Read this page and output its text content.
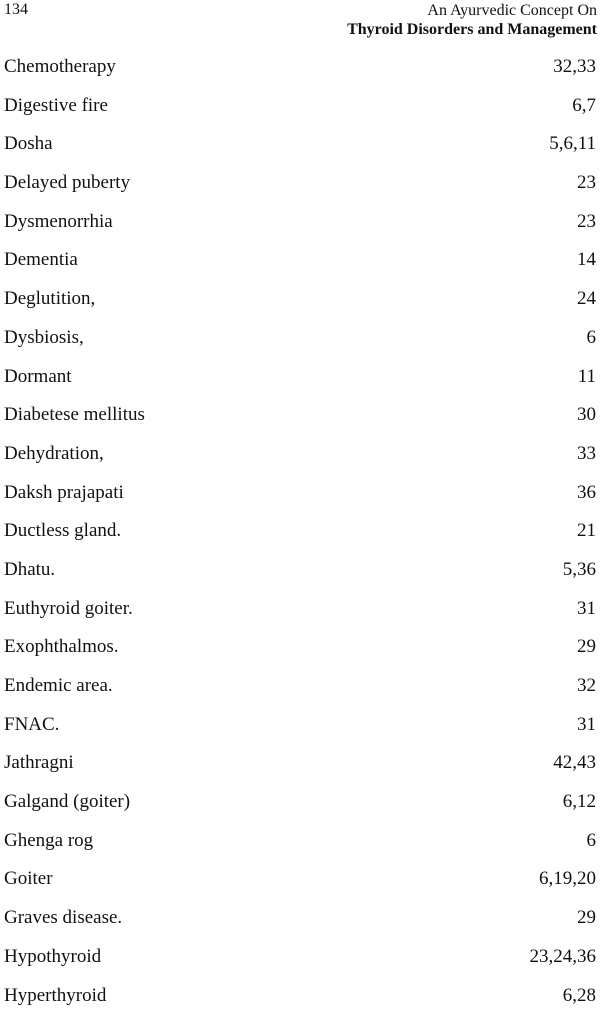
134	An Ayurvedic Concept On
Thyroid Disorders and Management
Chemotherapy	32,33
Digestive fire	6,7
Dosha	5,6,11
Delayed puberty	23
Dysmenorrhia	23
Dementia	14
Deglutition,	24
Dysbiosis,	6
Dormant	11
Diabetese mellitus	30
Dehydration,	33
Daksh prajapati	36
Ductless gland.	21
Dhatu.	5,36
Euthyroid goiter.	31
Exophthalmos.	29
Endemic area.	32
FNAC.	31
Jathragni	42,43
Galgand (goiter)	6,12
Ghenga rog	6
Goiter	6,19,20
Graves disease.	29
Hypothyroid	23,24,36
Hyperthyroid	6,28
